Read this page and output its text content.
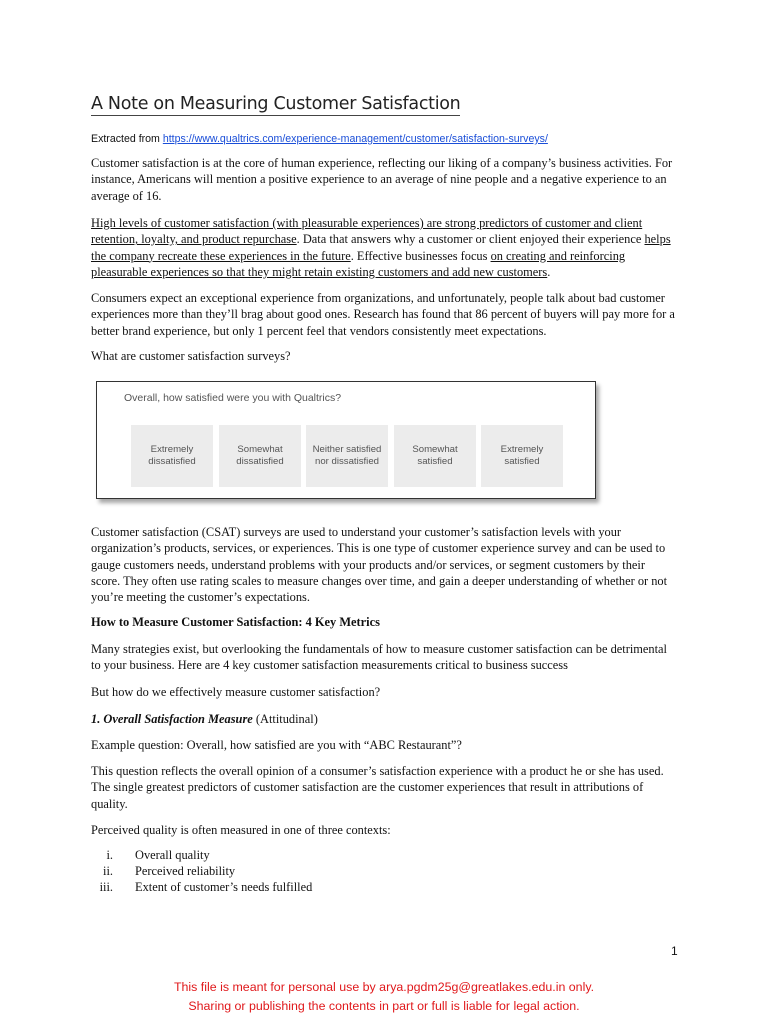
A Note on Measuring Customer Satisfaction
Extracted from https://www.qualtrics.com/experience-management/customer/satisfaction-surveys/

Customer satisfaction is at the core of human experience, reflecting our liking of a company’s business activities. For instance, Americans will mention a positive experience to an average of nine people and a negative experience to an average of 16.

High levels of customer satisfaction (with pleasurable experiences) are strong predictors of customer and client retention, loyalty, and product repurchase. Data that answers why a customer or client enjoyed their experience helps the company recreate these experiences in the future. Effective businesses focus on creating and reinforcing pleasurable experiences so that they might retain existing customers and add new customers.

Consumers expect an exceptional experience from organizations, and unfortunately, people talk about bad customer experiences more than they’ll brag about good ones. Research has found that 86 percent of buyers will pay more for a better brand experience, but only 1 percent feel that vendors consistently meet expectations.

What are customer satisfaction surveys?

Overall, how satisfied were you with Qualtrics?
Extremely dissatisfied
Somewhat dissatisfied
Neither satisfied nor dissatisfied
Somewhat satisfied
Extremely satisfied

Customer satisfaction (CSAT) surveys are used to understand your customer’s satisfaction levels with your organization’s products, services, or experiences. This is one type of customer experience survey and can be used to gauge customers needs, understand problems with your products and/or services, or segment customers by their score. They often use rating scales to measure changes over time, and gain a deeper understanding of whether or not you’re meeting the customer’s expectations.

How to Measure Customer Satisfaction: 4 Key Metrics

Many strategies exist, but overlooking the fundamentals of how to measure customer satisfaction can be detrimental to your business. Here are 4 key customer satisfaction measurements critical to business success

But how do we effectively measure customer satisfaction?

1. Overall Satisfaction Measure (Attitudinal)

Example question: Overall, how satisfied are you with “ABC Restaurant”?

This question reflects the overall opinion of a consumer’s satisfaction experience with a product he or she has used. The single greatest predictors of customer satisfaction are the customer experiences that result in attributions of quality.

Perceived quality is often measured in one of three contexts:

i. Overall quality
ii. Perceived reliability
iii. Extent of customer’s needs fulfilled
1
This file is meant for personal use by arya.pgdm25g@greatlakes.edu.in only.
Sharing or publishing the contents in part or full is liable for legal action.
